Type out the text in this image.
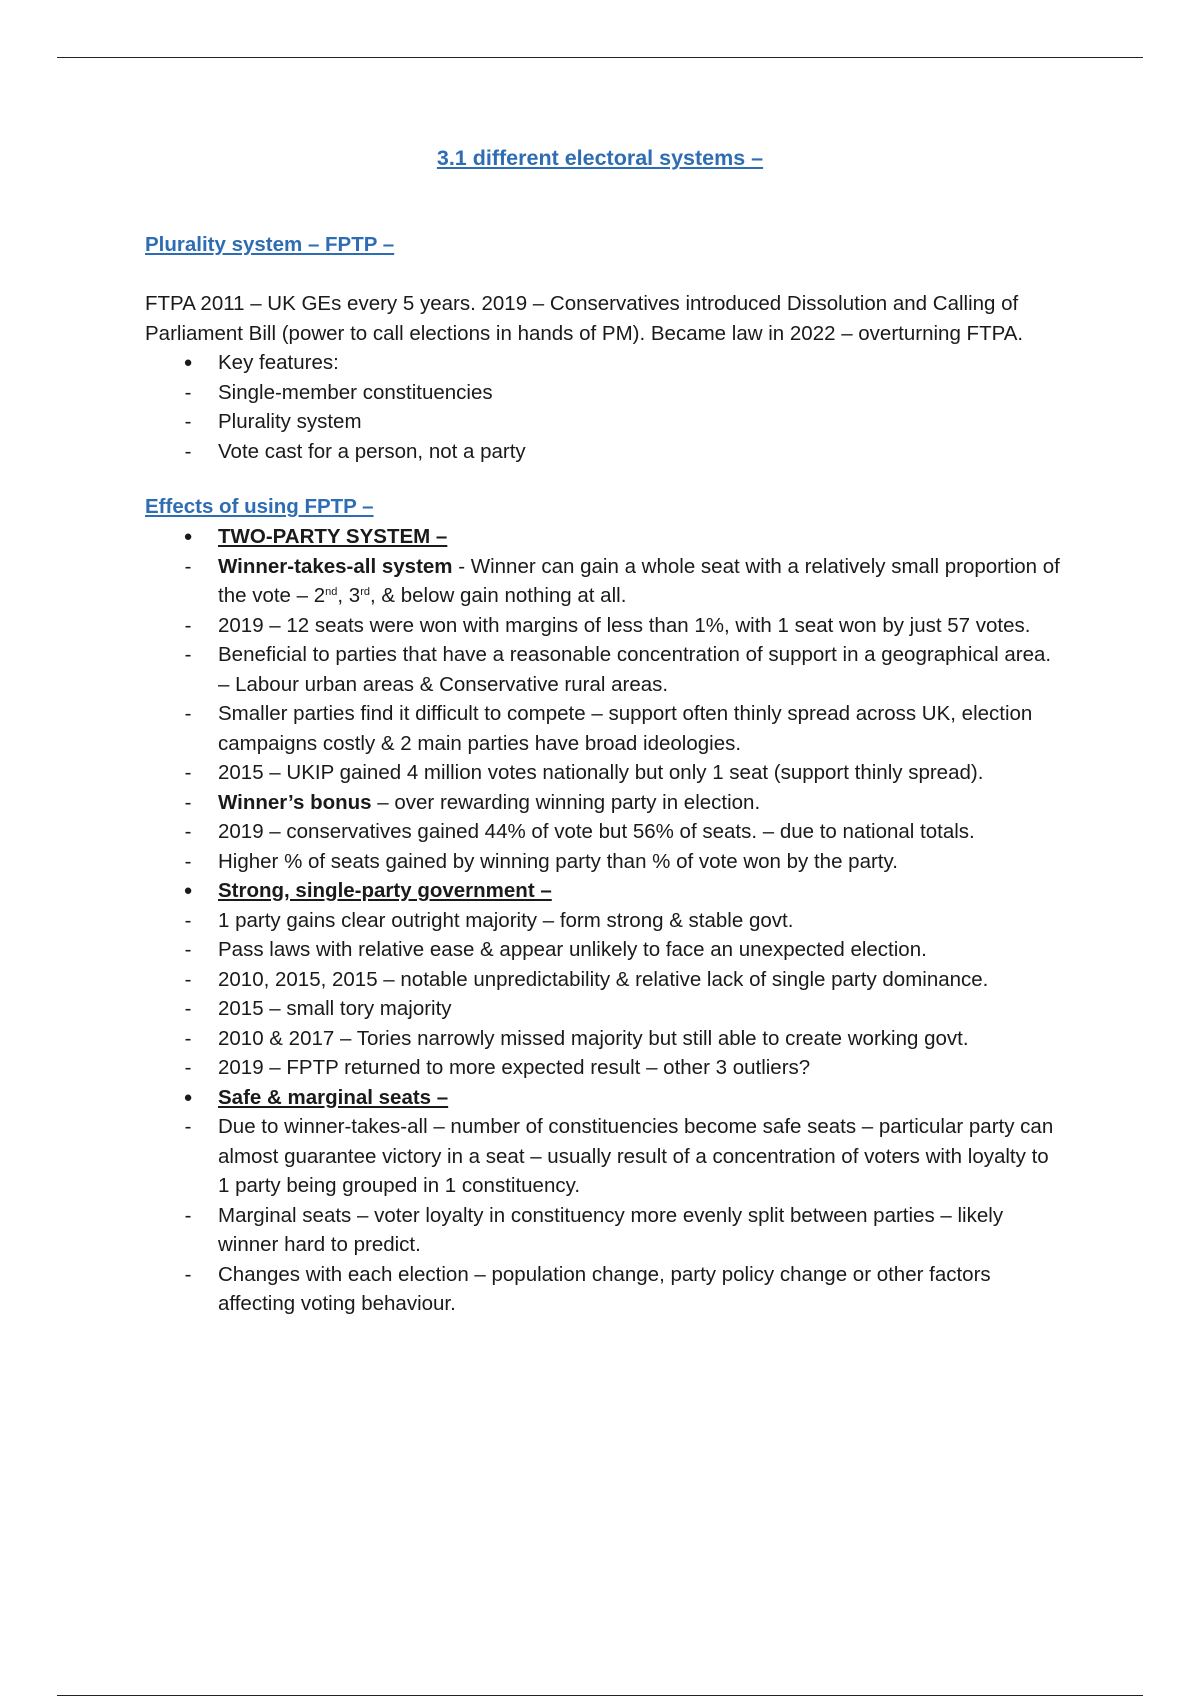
3.1 different electoral systems –
Plurality system – FPTP –

FTPA 2011 – UK GEs every 5 years. 2019 – Conservatives introduced Dissolution and Calling of Parliament Bill (power to call elections in hands of PM). Became law in 2022 – overturning FTPA.

● Key features:
-	Single-member constituencies
-	Plurality system
-	Vote cast for a person, not a party
Effects of using FPTP –
● TWO-PARTY SYSTEM –
-	Winner-takes-all system - Winner can gain a whole seat with a relatively small proportion of the vote – 2nd, 3rd, & below gain nothing at all.
-	2019 – 12 seats were won with margins of less than 1%, with 1 seat won by just 57 votes.
-	Beneficial to parties that have a reasonable concentration of support in a geographical area. – Labour urban areas & Conservative rural areas.
-	Smaller parties find it difficult to compete – support often thinly spread across UK, election campaigns costly & 2 main parties have broad ideologies.
-	2015 – UKIP gained 4 million votes nationally but only 1 seat (support thinly spread).
-	Winner’s bonus – over rewarding winning party in election.
-	2019 – conservatives gained 44% of vote but 56% of seats. – due to national totals.
-	Higher % of seats gained by winning party than % of vote won by the party.
● Strong, single-party government –
-	1 party gains clear outright majority – form strong & stable govt.
-	Pass laws with relative ease & appear unlikely to face an unexpected election.
-	2010, 2015, 2015 – notable unpredictability & relative lack of single party dominance.
-	2015 – small tory majority
-	2010 & 2017 – Tories narrowly missed majority but still able to create working govt.
-	2019 – FPTP returned to more expected result – other 3 outliers?
● Safe & marginal seats –
-	Due to winner-takes-all – number of constituencies become safe seats – particular party can almost guarantee victory in a seat – usually result of a concentration of voters with loyalty to 1 party being grouped in 1 constituency.
-	Marginal seats – voter loyalty in constituency more evenly split between parties – likely winner hard to predict.
-	Changes with each election – population change, party policy change or other factors affecting voting behaviour.
